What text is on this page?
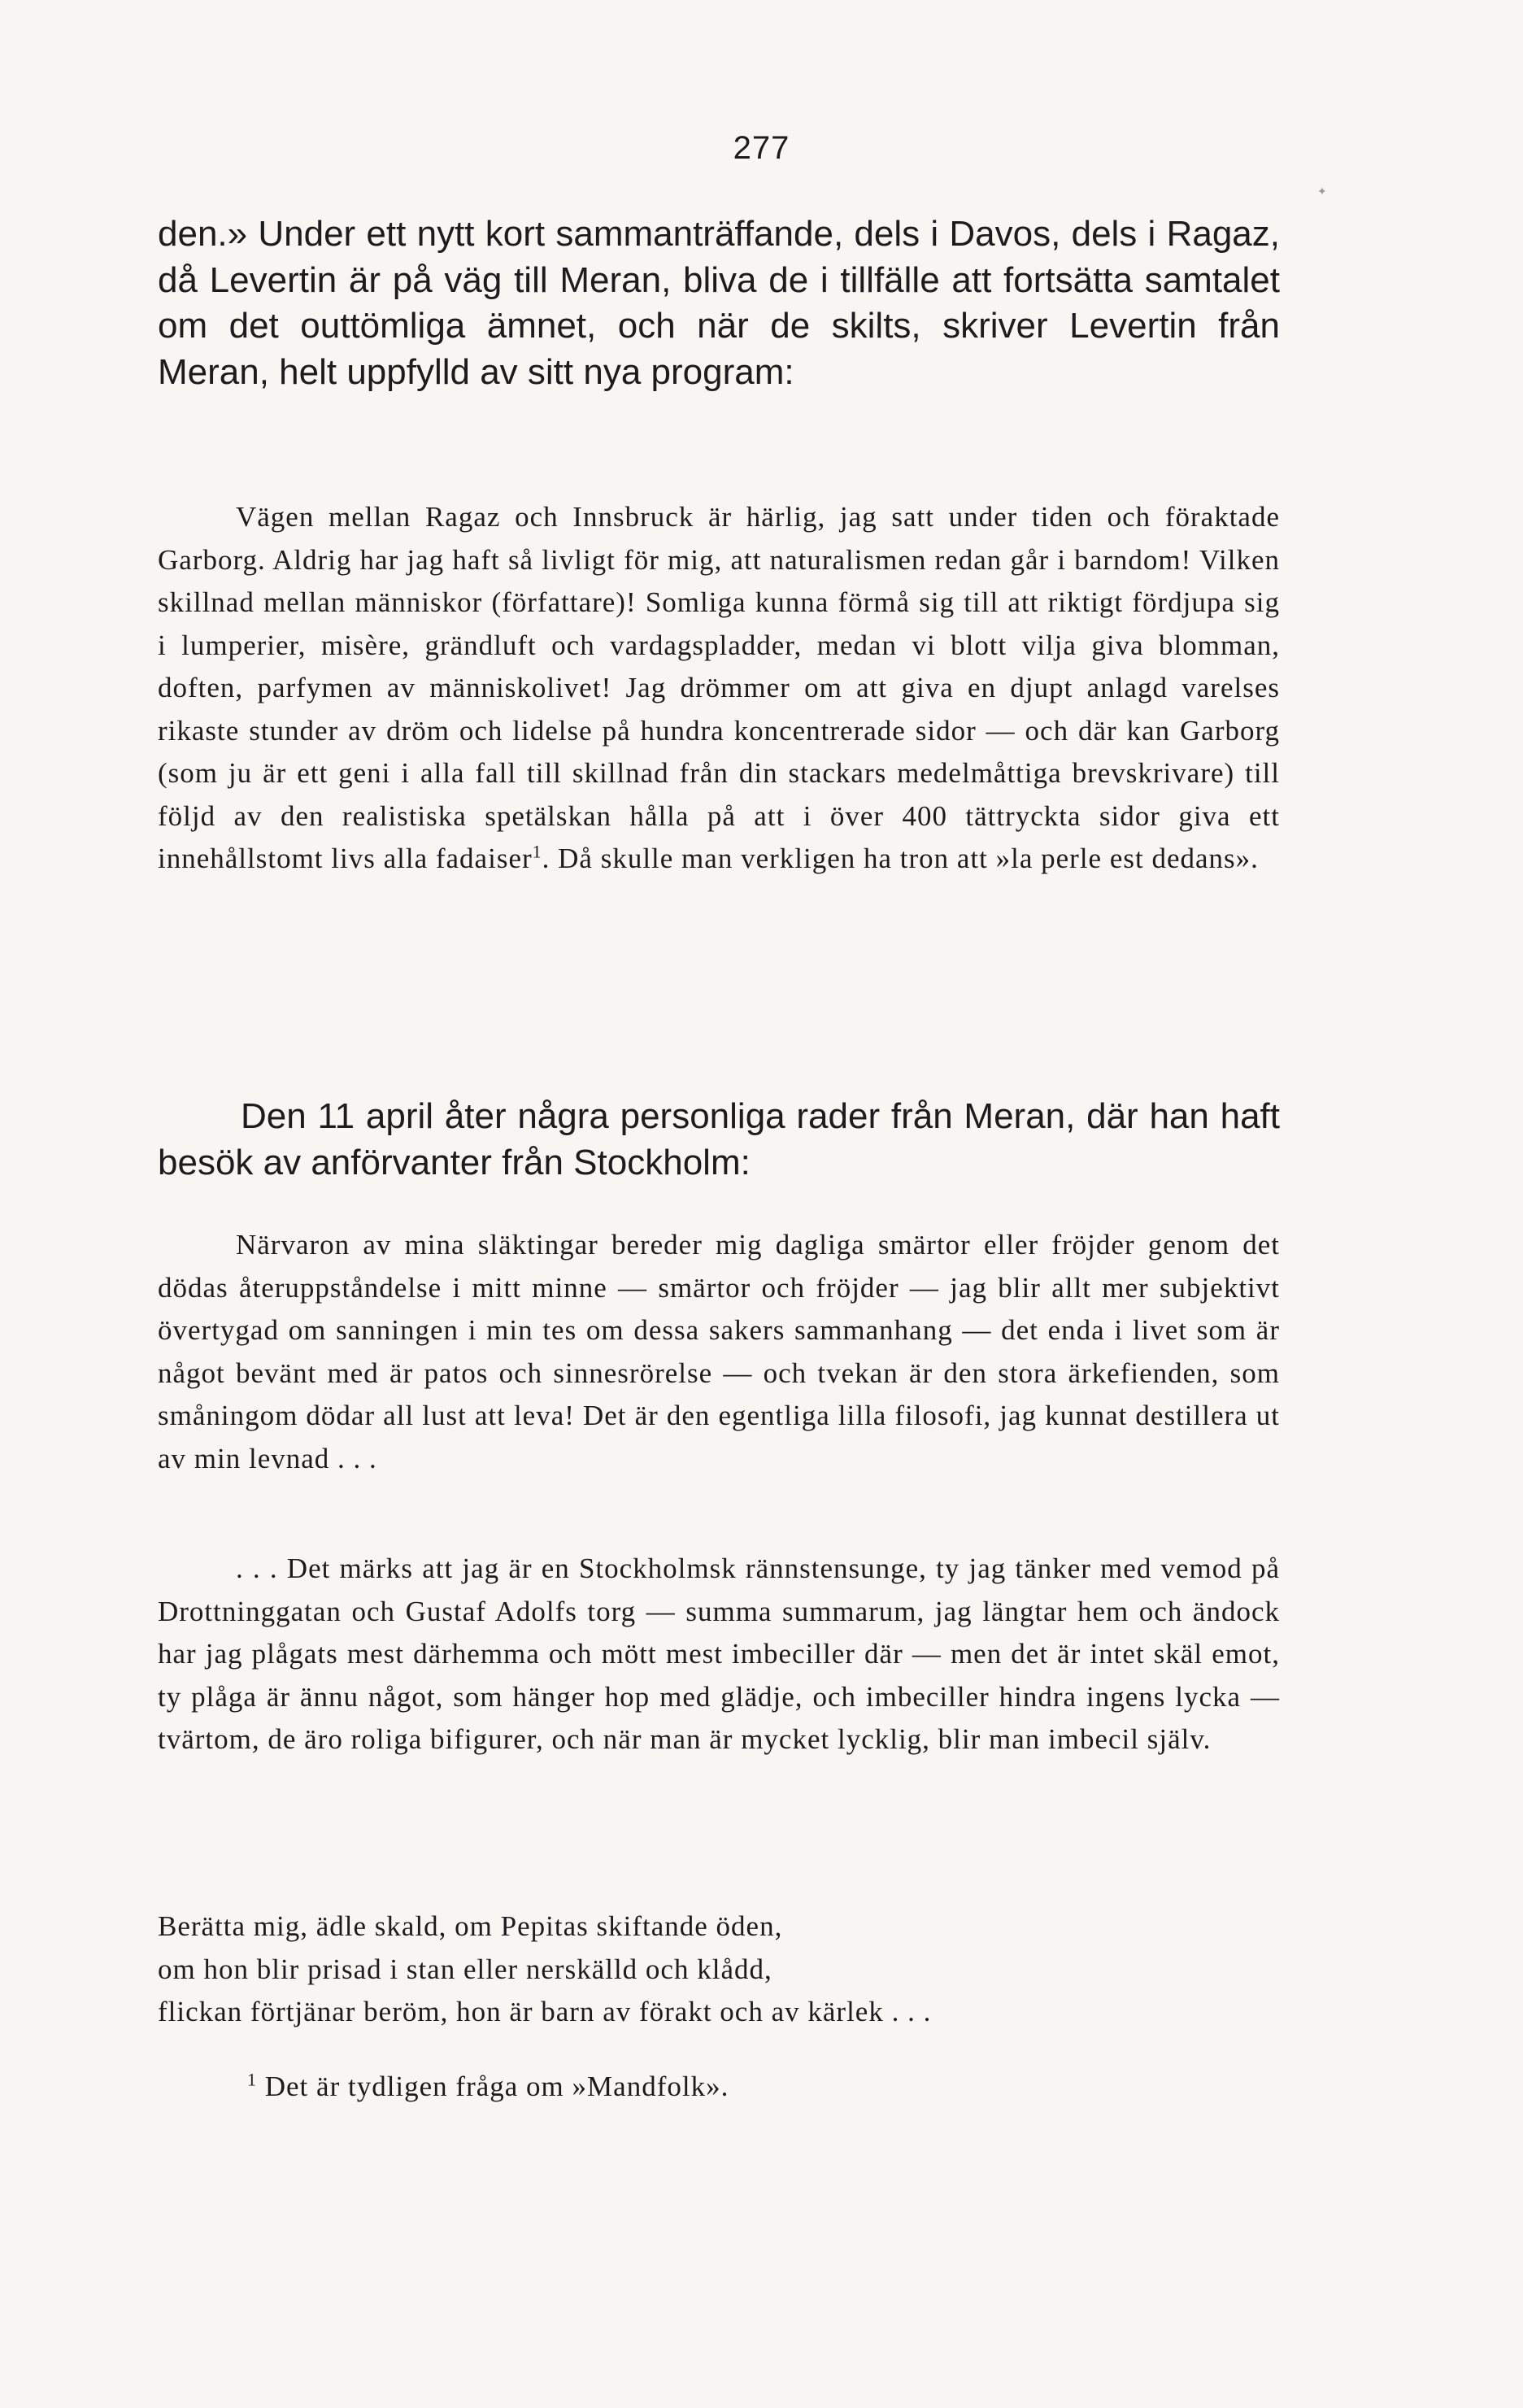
277
✦

den.» Under ett nytt kort sammanträffande, dels i Davos, dels i Ragaz, då Levertin är på väg till Meran, bliva de i tillfälle att fortsätta samtalet om det outtömliga ämnet, och när de skilts, skriver Levertin från Meran, helt uppfylld av sitt nya program:

Vägen mellan Ragaz och Innsbruck är härlig, jag satt under tiden och föraktade Garborg. Aldrig har jag haft så livligt för mig, att naturalismen redan går i barndom! Vilken skillnad mellan människor (författare)! Somliga kunna förmå sig till att riktigt fördjupa sig i lumperier, misère, grändluft och vardagspladder, medan vi blott vilja giva blomman, doften, parfymen av människolivet! Jag drömmer om att giva en djupt anlagd varelses rikaste stunder av dröm och lidelse på hundra koncentrerade sidor — och där kan Garborg (som ju är ett geni i alla fall till skillnad från din stackars medelmåttiga brevskrivare) till följd av den realistiska spetälskan hålla på att i över 400 tättryckta sidor giva ett innehållstomt livs alla fadaiser$^1$. Då skulle man verkligen ha tron att »la perle est dedans».

Den 11 april åter några personliga rader från Meran, där han haft besök av anförvanter från Stockholm:

Närvaron av mina släktingar bereder mig dagliga smärtor eller fröjder genom det dödas återuppståndelse i mitt minne — smärtor och fröjder — jag blir allt mer subjektivt övertygad om sanningen i min tes om dessa sakers sammanhang — det enda i livet som är något bevänt med är patos och sinnesrörelse — och tvekan är den stora ärkefienden, som småningom dödar all lust att leva! Det är den egentliga lilla filosofi, jag kunnat destillera ut av min levnad . . .

. . . Det märks att jag är en Stockholmsk rännstensunge, ty jag tänker med vemod på Drottninggatan och Gustaf Adolfs torg — summa summarum, jag längtar hem och ändock har jag plågats mest därhemma och mött mest imbeciller där — men det är intet skäl emot, ty plåga är ännu något, som hänger hop med glädje, och imbeciller hindra ingens lycka — tvärtom, de äro roliga bifigurer, och när man är mycket lycklig, blir man imbecil själv.

Berätta mig, ädle skald, om Pepitas skiftande öden,
om hon blir prisad i stan eller nerskälld och klådd,
flickan förtjänar beröm, hon är barn av förakt och av kärlek . . .

$^1$ Det är tydligen fråga om »Mandfolk».
